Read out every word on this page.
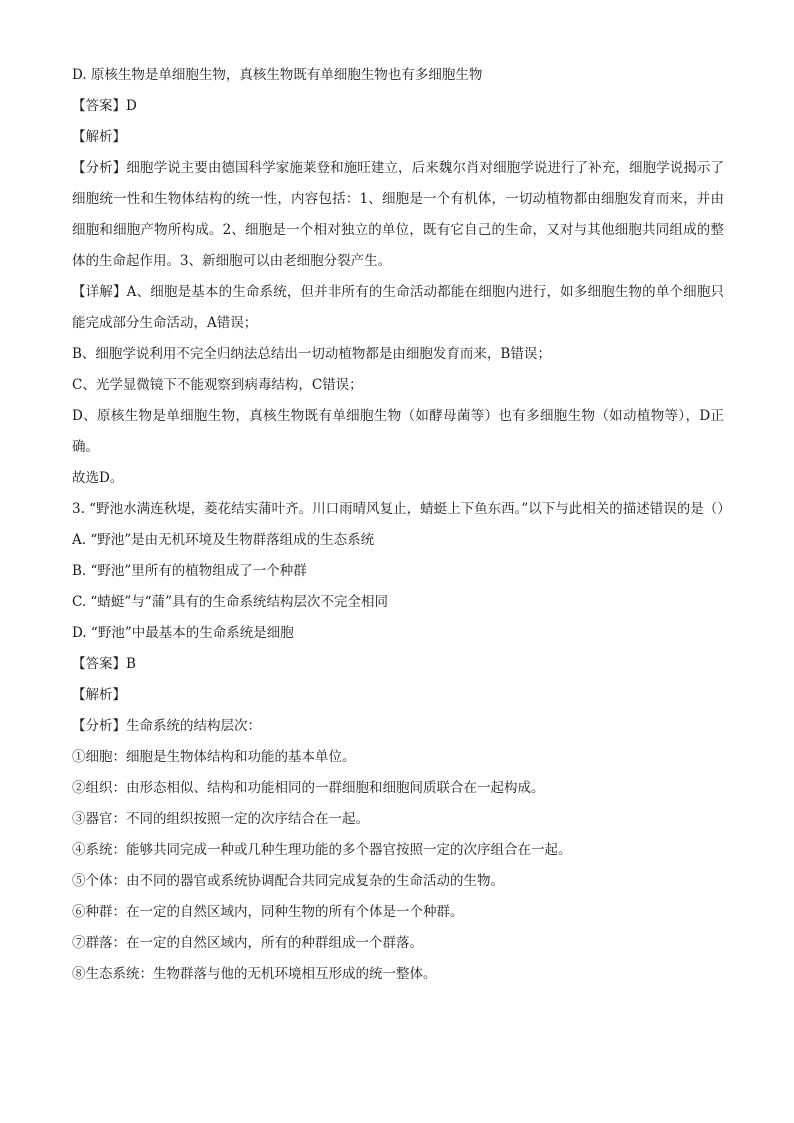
D. 原核生物是单细胞生物，真核生物既有单细胞生物也有多细胞生物
【答案】D
【解析】
【分析】细胞学说主要由德国科学家施莱登和施旺建立，后来魏尔肖对细胞学说进行了补充，细胞学说揭示了细胞统一性和生物体结构的统一性，内容包括：1、细胞是一个有机体，一切动植物都由细胞发育而来，并由细胞和细胞产物所构成。2、细胞是一个相对独立的单位，既有它自己的生命，又对与其他细胞共同组成的整体的生命起作用。3、新细胞可以由老细胞分裂产生。
【详解】A、细胞是基本的生命系统，但并非所有的生命活动都能在细胞内进行，如多细胞生物的单个细胞只能完成部分生命活动，A错误；
B、细胞学说利用不完全归纳法总结出一切动植物都是由细胞发育而来，B错误；
C、光学显微镜下不能观察到病毒结构，C错误；
D、原核生物是单细胞生物，真核生物既有单细胞生物（如酵母菌等）也有多细胞生物（如动植物等），D正确。
故选D。
3. “野池水满连秋堤，菱花结实蒲叶齐。川口雨晴风复止，蜻蜓上下鱼东西。”以下与此相关的描述错误的是（）
A. “野池”是由无机环境及生物群落组成的生态系统
B. “野池”里所有的植物组成了一个种群
C. “蜻蜓”与“蒲”具有的生命系统结构层次不完全相同
D. “野池”中最基本的生命系统是细胞
【答案】B
【解析】
【分析】生命系统的结构层次：
①细胞：细胞是生物体结构和功能的基本单位。
②组织：由形态相似、结构和功能相同的一群细胞和细胞间质联合在一起构成。
③器官：不同的组织按照一定的次序结合在一起。
④系统：能够共同完成一种或几种生理功能的多个器官按照一定的次序组合在一起。
⑤个体：由不同的器官或系统协调配合共同完成复杂的生命活动的生物。
⑥种群：在一定的自然区域内，同种生物的所有个体是一个种群。
⑦群落：在一定的自然区域内，所有的种群组成一个群落。
⑧生态系统：生物群落与他的无机环境相互形成的统一整体。
